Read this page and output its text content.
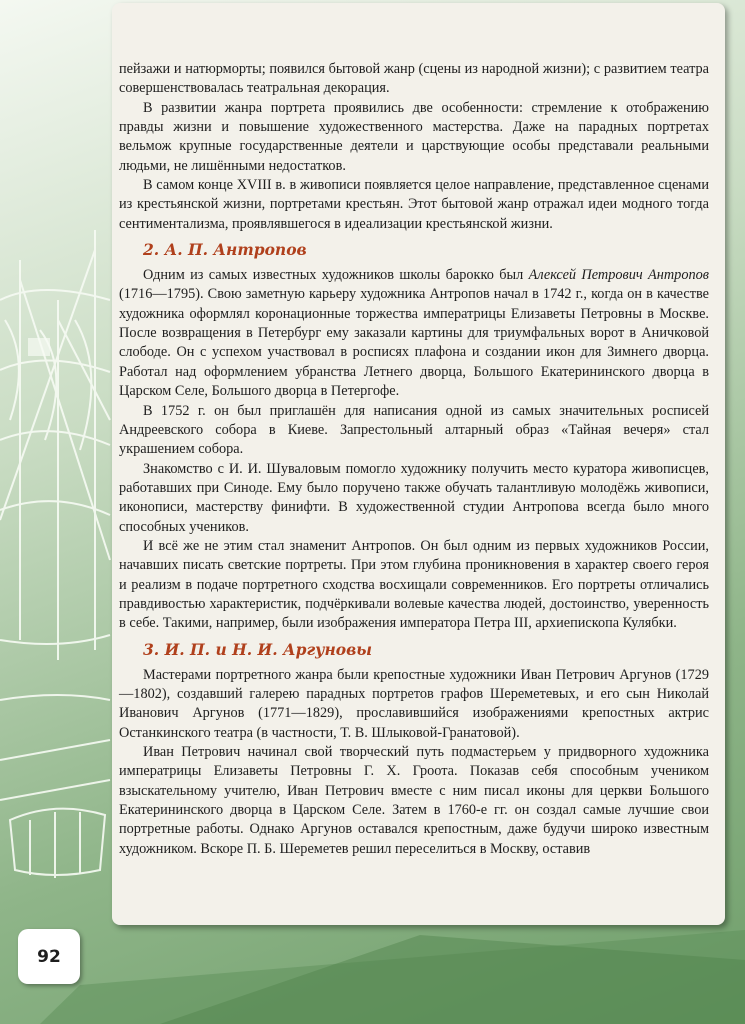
пейзажи и натюрморты; появился бытовой жанр (сцены из народной жизни); с развитием театра совершенствовалась театральная декорация.

В развитии жанра портрета проявились две особенности: стремление к отображению правды жизни и повышение художественного мастерства. Даже на парадных портретах вельмож крупные государственные деятели и царствующие особы представали реальными людьми, не лишёнными недостатков.

В самом конце XVIII в. в живописи появляется целое направление, представленное сценами из крестьянской жизни, портретами крестьян. Этот бытовой жанр отражал идеи модного тогда сентиментализма, проявлявшегося в идеализации крестьянской жизни.

2. А. П. Антропов

Одним из самых известных художников школы барокко был Алексей Петрович Антропов (1716—1795). Свою заметную карьеру художника Антропов начал в 1742 г., когда он в качестве художника оформлял коронационные торжества императрицы Елизаветы Петровны в Москве. После возвращения в Петербург ему заказали картины для триумфальных ворот в Аничковой слободе. Он с успехом участвовал в росписях плафона и создании икон для Зимнего дворца. Работал над оформлением убранства Летнего дворца, Большого Екатерининского дворца в Царском Селе, Большого дворца в Петергофе.

В 1752 г. он был приглашён для написания одной из самых значительных росписей Андреевского собора в Киеве. Запрестольный алтарный образ «Тайная вечеря» стал украшением собора.

Знакомство с И. И. Шуваловым помогло художнику получить место куратора живописцев, работавших при Синоде. Ему было поручено также обучать талантливую молодёжь живописи, иконописи, мастерству финифти. В художественной студии Антропова всегда было много способных учеников.

И всё же не этим стал знаменит Антропов. Он был одним из первых художников России, начавших писать светские портреты. При этом глубина проникновения в характер своего героя и реализм в подаче портретного сходства восхищали современников. Его портреты отличались правдивостью характеристик, подчёркивали волевые качества людей, достоинство, уверенность в себе. Такими, например, были изображения императора Петра III, архиепископа Кулябки.

3. И. П. и Н. И. Аргуновы

Мастерами портретного жанра были крепостные художники Иван Петрович Аргунов (1729—1802), создавший галерею парадных портретов графов Шереметевых, и его сын Николай Иванович Аргунов (1771—1829), прославившийся изображениями крепостных актрис Останкинского театра (в частности, Т. В. Шлыковой-Гранатовой).

Иван Петрович начинал свой творческий путь подмастерьем у придворного художника императрицы Елизаветы Петровны Г. Х. Гроота. Показав себя способным учеником взыскательному учителю, Иван Петрович вместе с ним писал иконы для церкви Большого Екатерининского дворца в Царском Селе. Затем в 1760-е гг. он создал самые лучшие свои портретные работы. Однако Аргунов оставался крепостным, даже будучи широко известным художником. Вскоре П. Б. Шереметев решил переселиться в Москву, оставив

92
